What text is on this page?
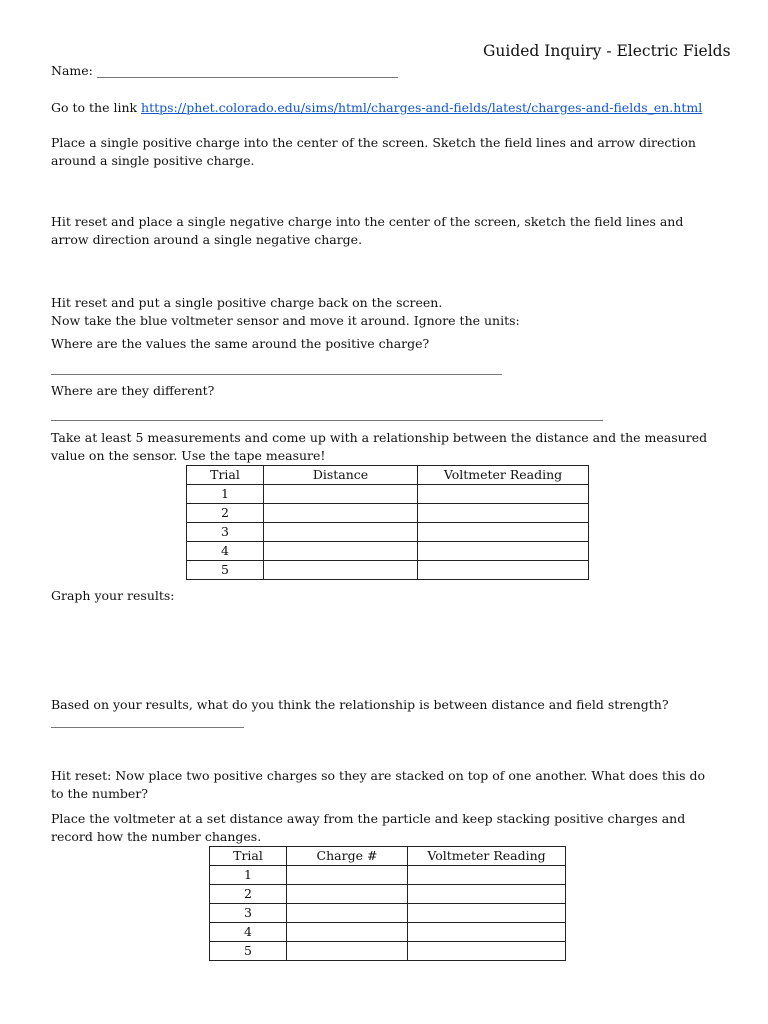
Guided Inquiry - Electric Fields
Name:
Go to the link https://phet.colorado.edu/sims/html/charges-and-fields/latest/charges-and-fields_en.html
Place a single positive charge into the center of the screen. Sketch the field lines and arrow direction around a single positive charge.
Hit reset and place a single negative charge into the center of the screen, sketch the field lines and arrow direction around a single negative charge.
Hit reset and put a single positive charge back on the screen.
Now take the blue voltmeter sensor and move it around. Ignore the units:
Where are the values the same around the positive charge?
Where are they different?
Take at least 5 measurements and come up with a relationship between the distance and the measured value on the sensor. Use the tape measure!
Trial	Distance	Voltmeter Reading
1		
2		
3		
4		
5		
Graph your results:
Based on your results, what do you think the relationship is between distance and field strength?
Hit reset: Now place two positive charges so they are stacked on top of one another. What does this do to the number?
Place the voltmeter at a set distance away from the particle and keep stacking positive charges and record how the number changes.
Trial	Charge #	Voltmeter Reading
1		
2		
3		
4		
5		
